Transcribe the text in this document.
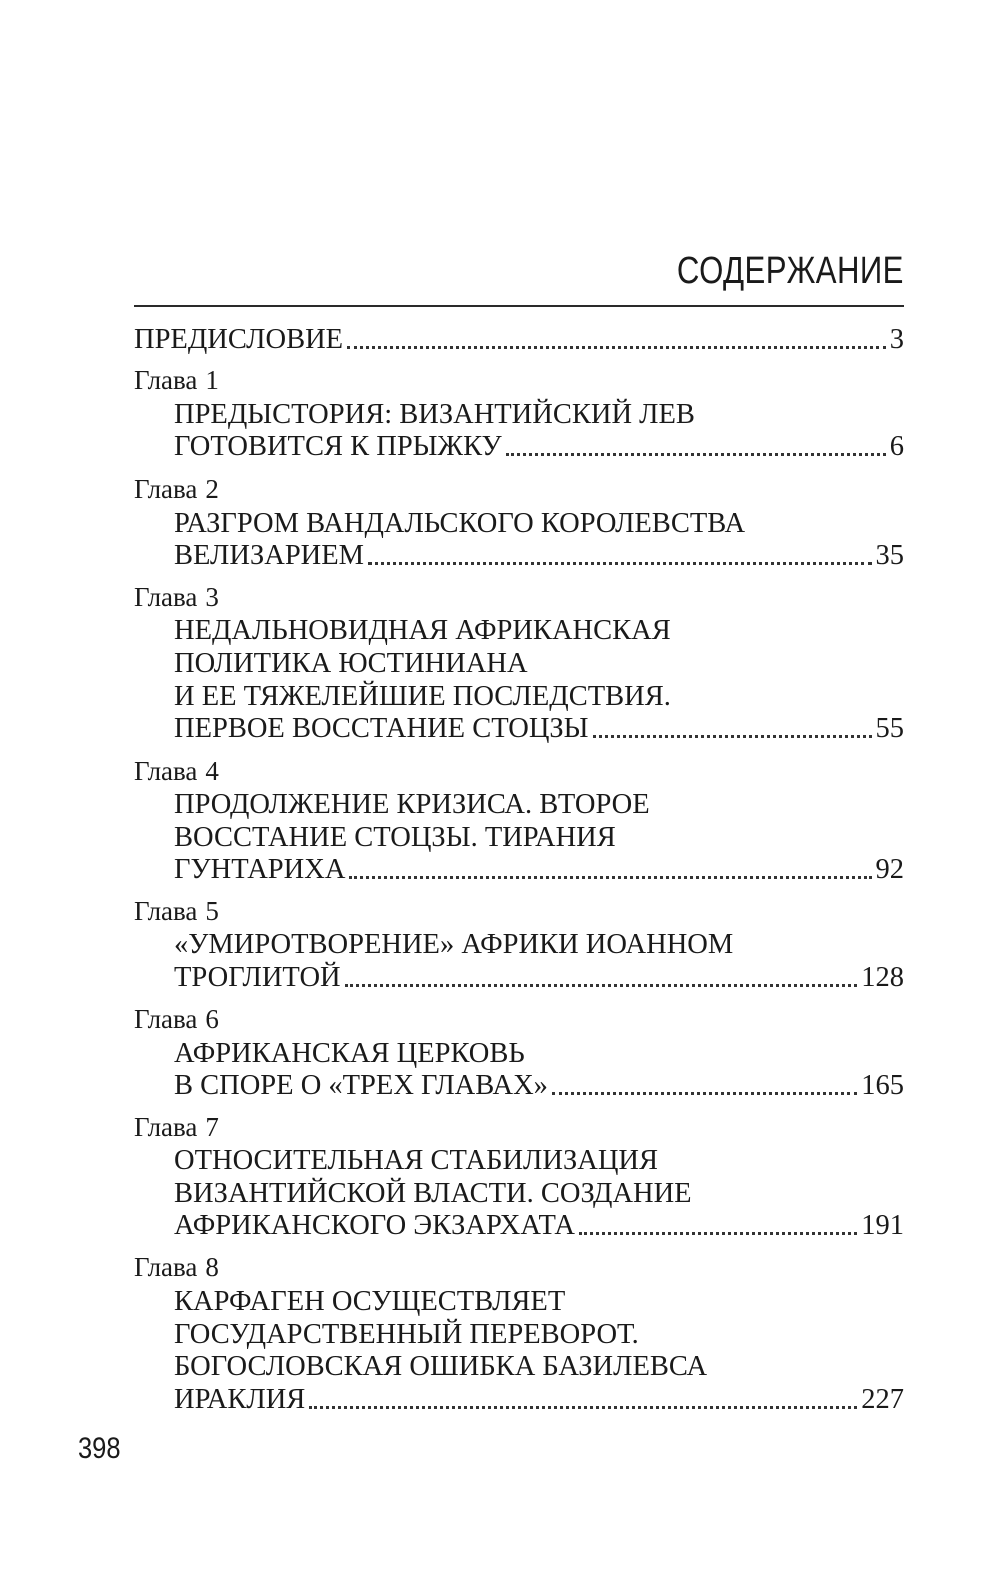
СОДЕРЖАНИЕ
ПРЕДИСЛОВИЕ	3
Глава 1
ПРЕДЫСТОРИЯ: ВИЗАНТИЙСКИЙ ЛЕВ
ГОТОВИТСЯ К ПРЫЖКУ	6
Глава 2
РАЗГРОМ ВАНДАЛЬСКОГО КОРОЛЕВСТВА
ВЕЛИЗАРИЕМ	35
Глава 3
НЕДАЛЬНОВИДНАЯ АФРИКАНСКАЯ
ПОЛИТИКА ЮСТИНИАНА
И ЕЕ ТЯЖЕЛЕЙШИЕ ПОСЛЕДСТВИЯ.
ПЕРВОЕ ВОССТАНИЕ СТОЦЗЫ	55
Глава 4
ПРОДОЛЖЕНИЕ КРИЗИСА. ВТОРОЕ
ВОССТАНИЕ СТОЦЗЫ. ТИРАНИЯ
ГУНТАРИХА	92
Глава 5
«УМИРОТВОРЕНИЕ» АФРИКИ ИОАННОМ
ТРОГЛИТОЙ	128
Глава 6
АФРИКАНСКАЯ ЦЕРКОВЬ
В СПОРЕ О «ТРЕХ ГЛАВАХ»	165
Глава 7
ОТНОСИТЕЛЬНАЯ СТАБИЛИЗАЦИЯ
ВИЗАНТИЙСКОЙ ВЛАСТИ. СОЗДАНИЕ
АФРИКАНСКОГО ЭКЗАРХАТА	191
Глава 8
КАРФАГЕН ОСУЩЕСТВЛЯЕТ
ГОСУДАРСТВЕННЫЙ ПЕРЕВОРОТ.
БОГОСЛОВСКАЯ ОШИБКА БАЗИЛЕВСА
ИРАКЛИЯ	227
398
